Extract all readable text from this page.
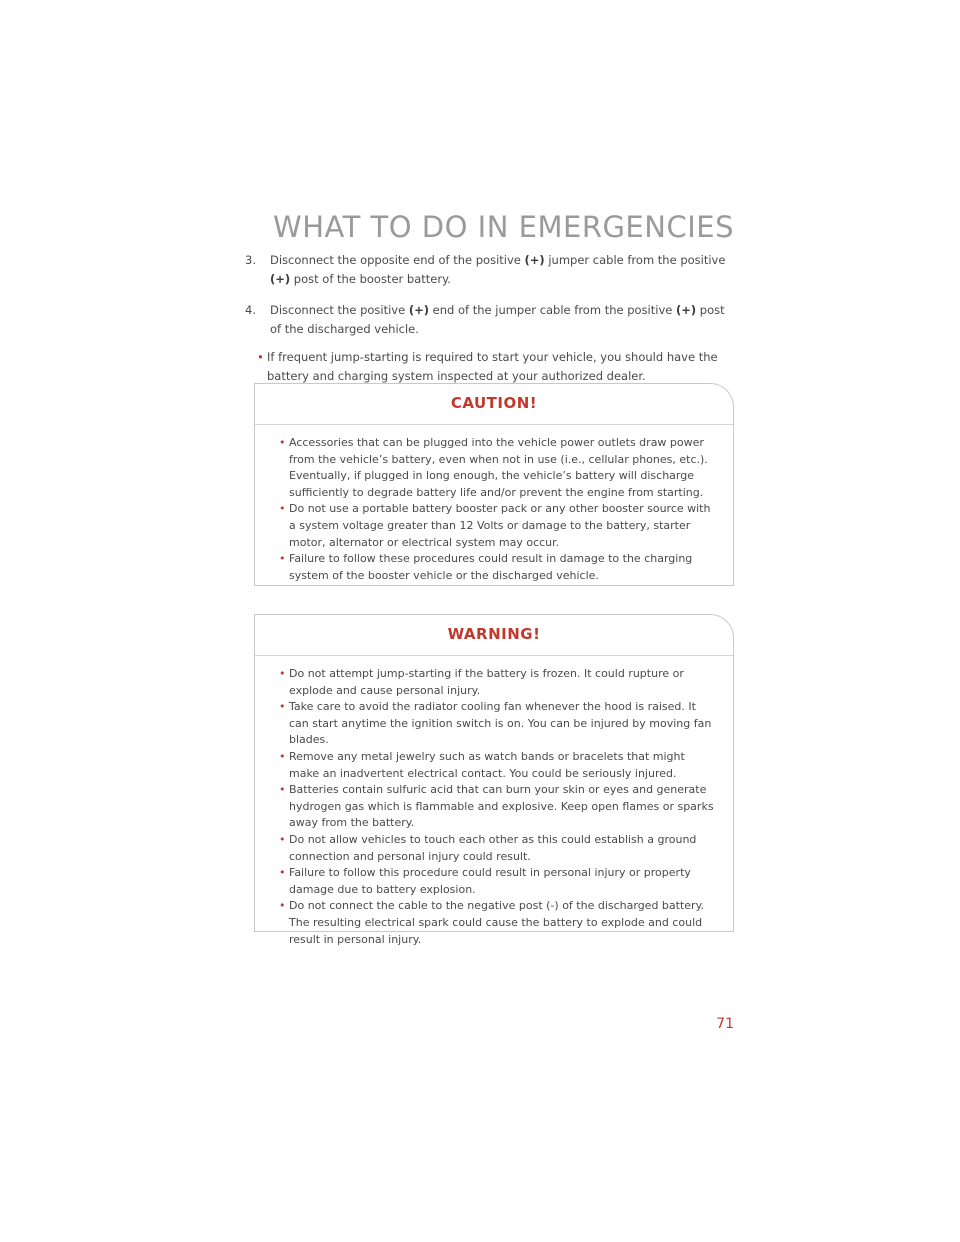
WHAT TO DO IN EMERGENCIES

3. Disconnect the opposite end of the positive (+) jumper cable from the positive (+) post of the booster battery.

4. Disconnect the positive (+) end of the jumper cable from the positive (+) post of the discharged vehicle.

• If frequent jump-starting is required to start your vehicle, you should have the battery and charging system inspected at your authorized dealer.

CAUTION!
• Accessories that can be plugged into the vehicle power outlets draw power from the vehicle’s battery, even when not in use (i.e., cellular phones, etc.). Eventually, if plugged in long enough, the vehicle’s battery will discharge sufficiently to degrade battery life and/or prevent the engine from starting.
• Do not use a portable battery booster pack or any other booster source with a system voltage greater than 12 Volts or damage to the battery, starter motor, alternator or electrical system may occur.
• Failure to follow these procedures could result in damage to the charging system of the booster vehicle or the discharged vehicle.
WARNING!
• Do not attempt jump-starting if the battery is frozen. It could rupture or explode and cause personal injury.
• Take care to avoid the radiator cooling fan whenever the hood is raised. It can start anytime the ignition switch is on. You can be injured by moving fan blades.
• Remove any metal jewelry such as watch bands or bracelets that might make an inadvertent electrical contact. You could be seriously injured.
• Batteries contain sulfuric acid that can burn your skin or eyes and generate hydrogen gas which is flammable and explosive. Keep open flames or sparks away from the battery.
• Do not allow vehicles to touch each other as this could establish a ground connection and personal injury could result.
• Failure to follow this procedure could result in personal injury or property damage due to battery explosion.
• Do not connect the cable to the negative post (-) of the discharged battery. The resulting electrical spark could cause the battery to explode and could result in personal injury.

71
